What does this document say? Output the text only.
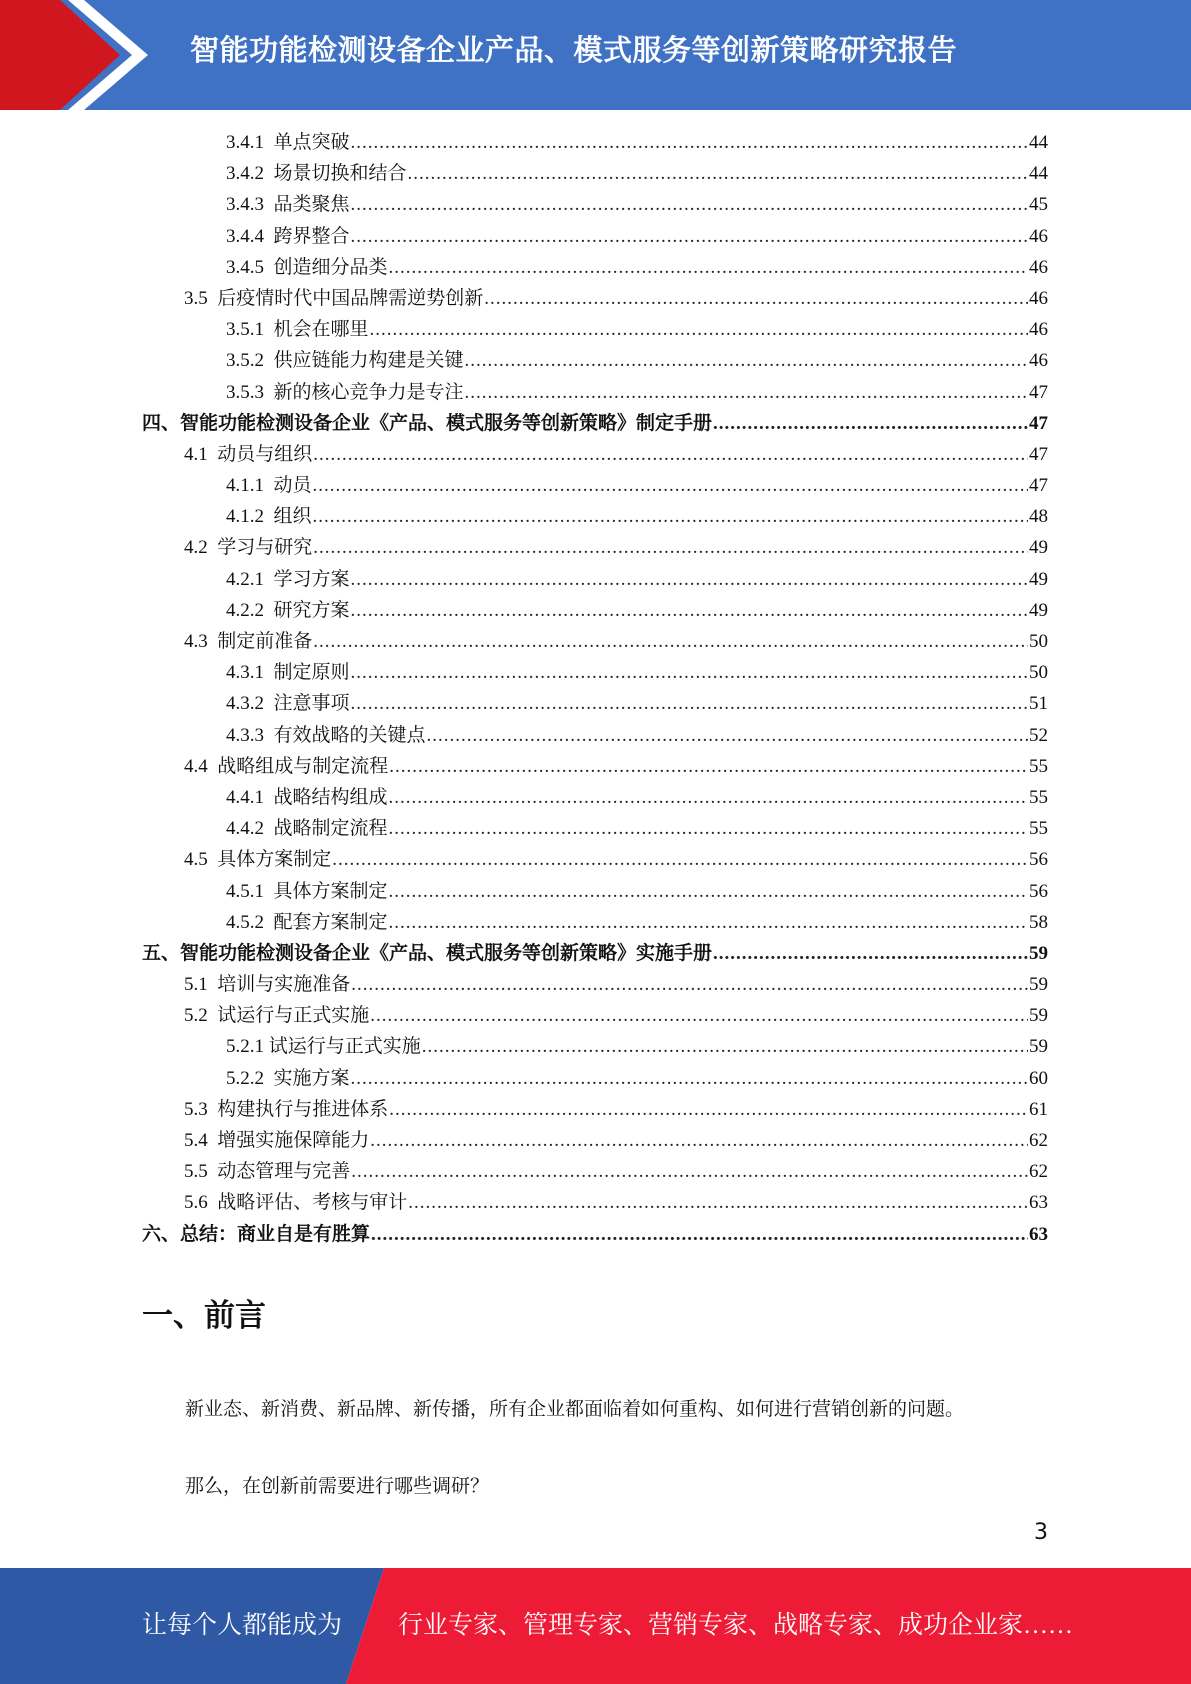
智能功能检测设备企业产品、模式服务等创新策略研究报告
3.4.1 单点突破 .....	44
3.4.2 场景切换和结合 .....	44
3.4.3 品类聚焦 .....	45
3.4.4 跨界整合 .....	46
3.4.5 创造细分品类 .....	46
3.5 后疫情时代中国品牌需逆势创新 .....	46
3.5.1 机会在哪里 .....	46
3.5.2 供应链能力构建是关键 .....	46
3.5.3 新的核心竞争力是专注 .....	47
四、智能功能检测设备企业《产品、模式服务等创新策略》制定手册 .....	47
4.1 动员与组织 .....	47
4.1.1 动员 .....	47
4.1.2 组织 .....	48
4.2 学习与研究 .....	49
4.2.1 学习方案 .....	49
4.2.2 研究方案 .....	49
4.3 制定前准备 .....	50
4.3.1 制定原则 .....	50
4.3.2 注意事项 .....	51
4.3.3 有效战略的关键点 .....	52
4.4 战略组成与制定流程 .....	55
4.4.1 战略结构组成 .....	55
4.4.2 战略制定流程 .....	55
4.5 具体方案制定 .....	56
4.5.1 具体方案制定 .....	56
4.5.2 配套方案制定 .....	58
五、智能功能检测设备企业《产品、模式服务等创新策略》实施手册 .....	59
5.1 培训与实施准备 .....	59
5.2 试运行与正式实施 .....	59
5.2.1 试运行与正式实施 .....	59
5.2.2 实施方案 .....	60
5.3 构建执行与推进体系 .....	61
5.4 增强实施保障能力 .....	62
5.5 动态管理与完善 .....	62
5.6 战略评估、考核与审计 .....	63
六、总结：商业自是有胜算 .....	63
一、前言
新业态、新消费、新品牌、新传播，所有企业都面临着如何重构、如何进行营销创新的问题。
那么，在创新前需要进行哪些调研？
3
让每个人都能成为 行业专家、管理专家、营销专家、战略专家、成功企业家……
